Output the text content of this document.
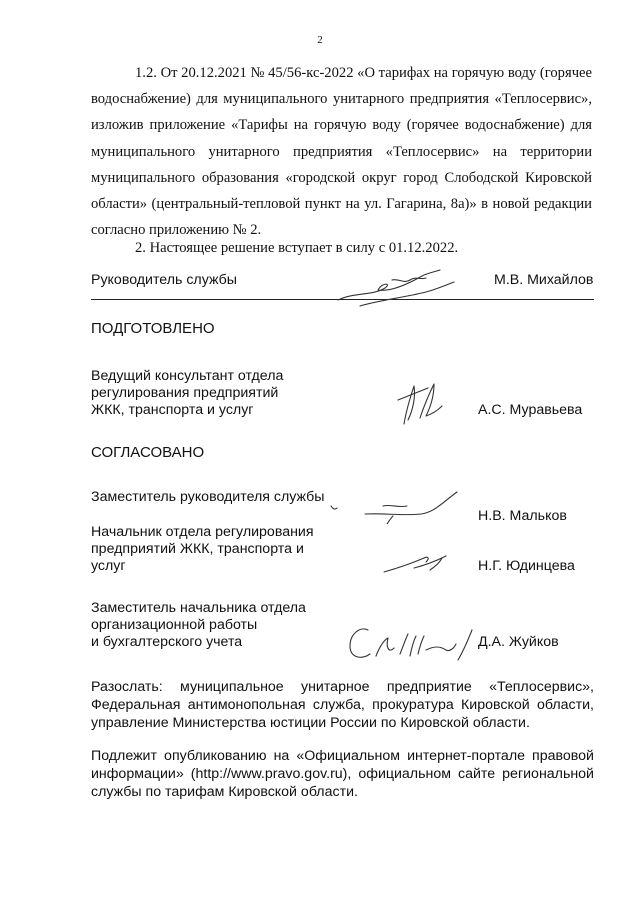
2

1.2. От 20.12.2021 № 45/56-кс-2022 «О тарифах на горячую воду (горячее водоснабжение) для муниципального унитарного предприятия «Теплосервис», изложив приложение «Тарифы на горячую воду (горячее водоснабжение) для муниципального унитарного предприятия «Теплосервис» на территории муниципального образования «городской округ город Слободской Кировской области» (центральный-тепловой пункт на ул. Гагарина, 8а)» в новой редакции согласно приложению № 2.

2. Настоящее решение вступает в силу с 01.12.2022.
Руководитель службы	М.В. Михайлов
ПОДГОТОВЛЕНО
Ведущий консультант отдела
регулирования предприятий
ЖКК, транспорта и услуг	А.С. Муравьева
СОГЛАСОВАНО
Заместитель руководителя службы
Н.В. Мальков
Начальник отдела регулирования
предприятий ЖКК, транспорта и
услуг	Н.Г. Юдинцева
Заместитель начальника отдела
организационной работы
и бухгалтерского учета	Д.А. Жуйков

Разослать: муниципальное унитарное предприятие «Теплосервис», Федеральная антимонопольная служба, прокуратура Кировской области, управление Министерства юстиции России по Кировской области.

Подлежит опубликованию на «Официальном интернет-портале правовой информации» (http://www.pravo.gov.ru), официальном сайте региональной службы по тарифам Кировской области.
